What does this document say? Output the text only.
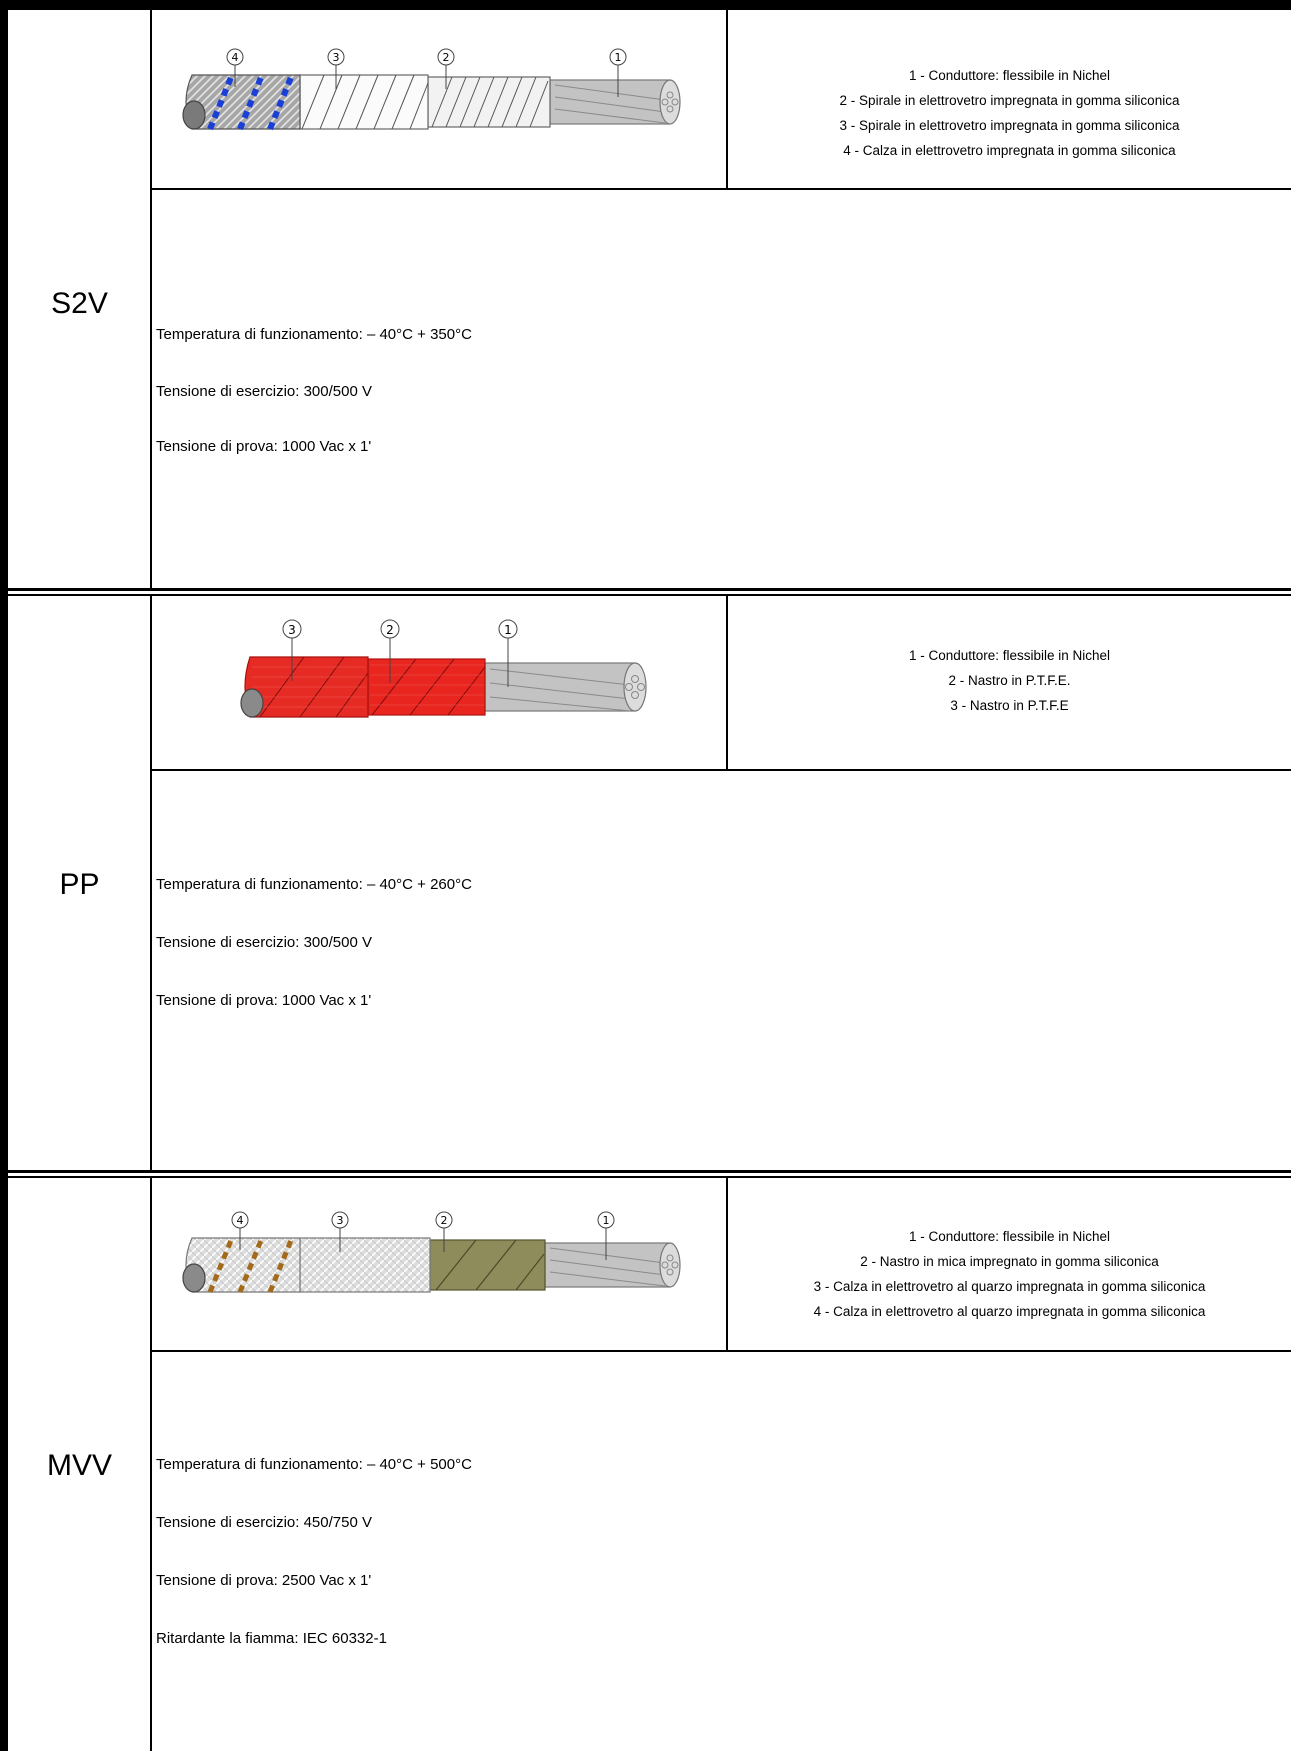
S2V
4	3	2	1
1 - Conduttore: flessibile in Nichel
2 - Spirale in elettrovetro impregnata in gomma siliconica
3 - Spirale in elettrovetro impregnata in gomma siliconica
4 - Calza in elettrovetro impregnata in gomma siliconica
Temperatura di funzionamento: – 40°C + 350°C
Tensione di esercizio: 300/500 V
Tensione di prova: 1000 Vac x 1'
PP
3	2	1
1 - Conduttore: flessibile in Nichel
2 - Nastro in P.T.F.E.
3 - Nastro in P.T.F.E
Temperatura di funzionamento: – 40°C + 260°C
Tensione di esercizio: 300/500 V
Tensione di prova: 1000 Vac x 1'
MVV
4	3	2	1
1 - Conduttore: flessibile in Nichel
2 - Nastro in mica impregnato in gomma siliconica
3 - Calza in elettrovetro al quarzo impregnata in gomma siliconica
4 - Calza in elettrovetro al quarzo impregnata in gomma siliconica
Temperatura di funzionamento: – 40°C + 500°C
Tensione di esercizio: 450/750 V
Tensione di prova: 2500 Vac x 1'
Ritardante la fiamma: IEC 60332-1
